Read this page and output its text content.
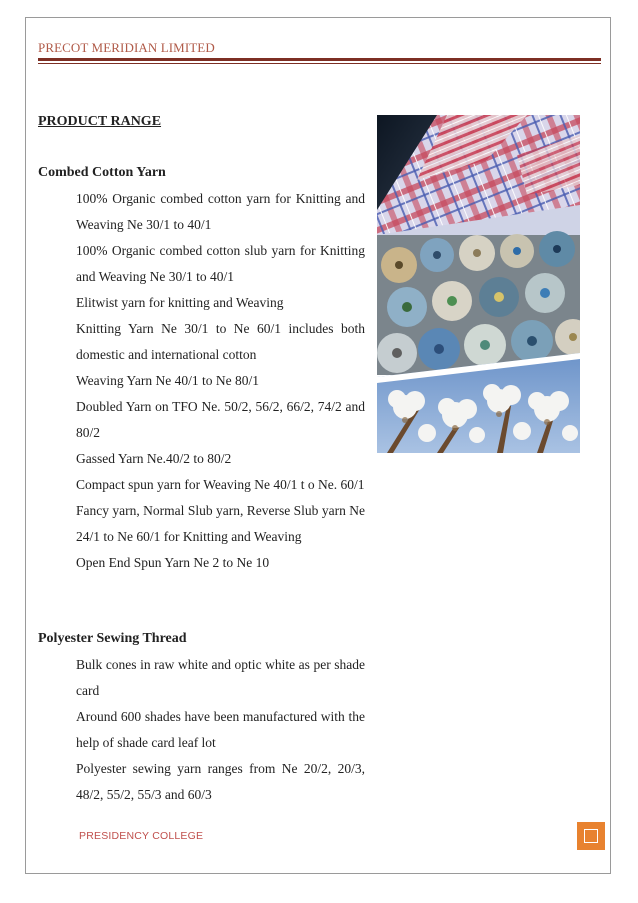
PRECOT MERIDIAN LIMITED
PRODUCT RANGE
Combed Cotton Yarn
100% Organic combed cotton yarn for Knitting and Weaving Ne 30/1 to 40/1
100% Organic combed cotton slub yarn for Knitting and Weaving Ne 30/1 to 40/1
Elitwist yarn for knitting and Weaving
Knitting Yarn Ne 30/1 to Ne 60/1 includes both domestic and international cotton
Weaving Yarn Ne 40/1 to Ne 80/1
Doubled Yarn on TFO Ne. 50/2, 56/2, 66/2, 74/2 and 80/2
Gassed Yarn Ne.40/2 to 80/2
Compact spun yarn for Weaving Ne 40/1 t o Ne. 60/1
Fancy yarn, Normal Slub yarn, Reverse Slub yarn Ne 24/1 to Ne 60/1 for Knitting and Weaving
Open End Spun Yarn Ne 2 to Ne 10
Polyester Sewing Thread
Bulk cones in raw white and optic white as per shade card
Around 600 shades have been manufactured with the help of shade card leaf lot
Polyester sewing yarn ranges from Ne 20/2, 20/3, 48/2, 55/2, 55/3 and 60/3
PRESIDENCY COLLEGE
